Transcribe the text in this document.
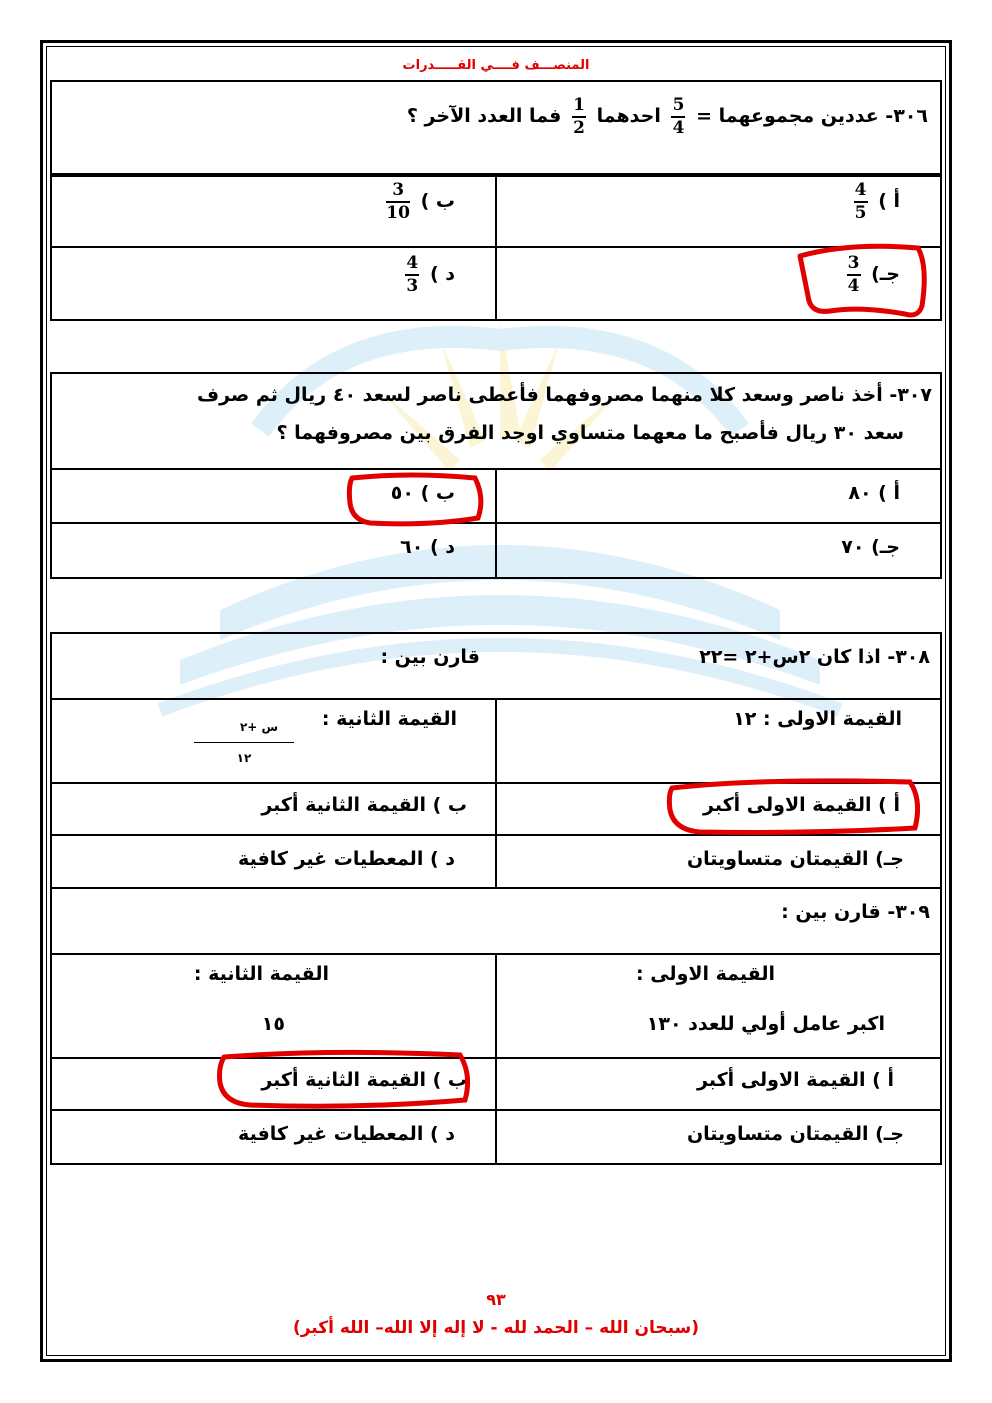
المنصـــف فــــي القـــــدرات
٣٠٦- عددين مجموعهما =
$\frac{5}{4}$
احدهما
$\frac{1}{2}$
فما العدد الآخر ؟
أ )
$\frac{4}{5}$
ب )
$\frac{3}{10}$
جـ)
$\frac{3}{4}$
د )
$\frac{4}{3}$
٣٠٧- أخذ ناصر وسعد كلا منهما مصروفهما فأعطى ناصر لسعد ٤٠ ريال ثم صرف
سعد ٣٠ ريال فأصبح ما معهما متساوي اوجد الفرق بين مصروفهما ؟
أ ) ٨٠
ب ) ٥٠
جـ) ٧٠
د ) ٦٠
٣٠٨- اذا كان ٢س+٢ =٢٢
قارن بين :
القيمة الاولى : ١٢
القيمة الثانية :
س +٢
١٢
أ ) القيمة الاولى أكبر
ب ) القيمة الثانية أكبر
جـ) القيمتان متساويتان
د ) المعطيات غير كافية
٣٠٩- قارن بين :
القيمة الاولى :
اكبر عامل أولي للعدد ١٣٠
القيمة الثانية :
١٥
أ ) القيمة الاولى أكبر
ب ) القيمة الثانية أكبر
جـ) القيمتان متساويتان
د ) المعطيات غير كافية
٩٣
(سبحان الله – الحمد لله - لا إله إلا الله– الله أكبر)
